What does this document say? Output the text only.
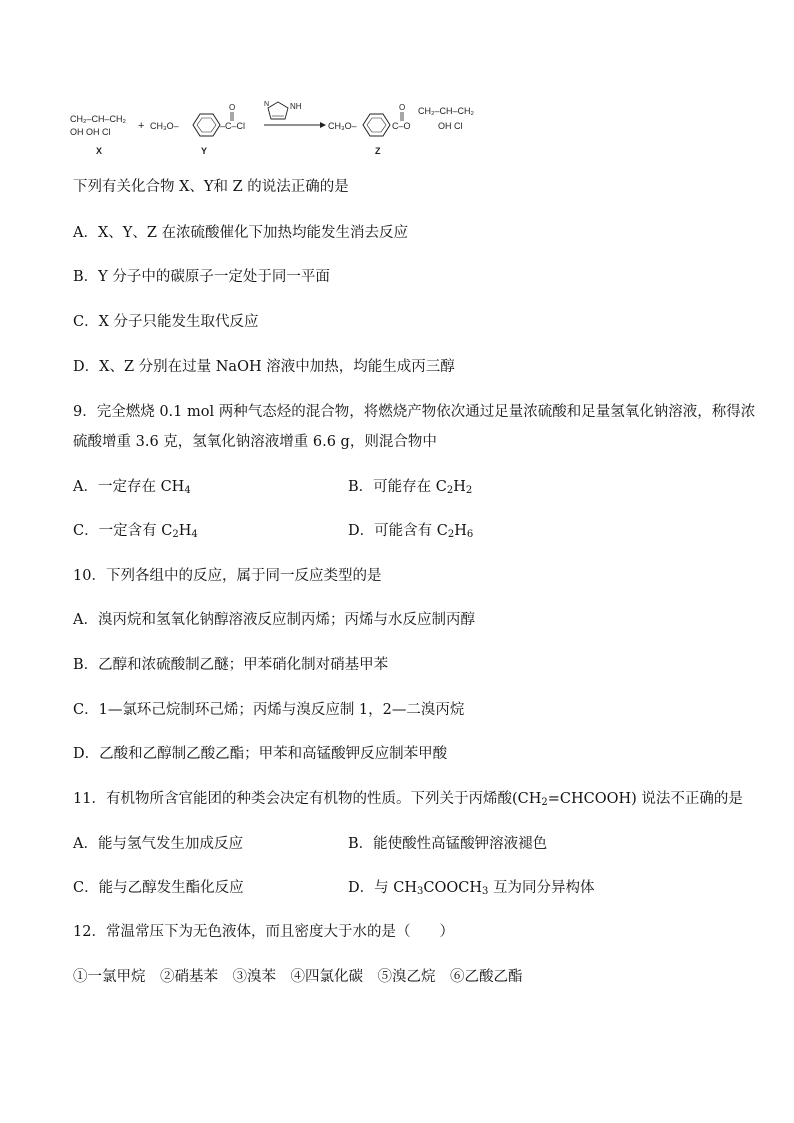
CH₂–CH–CH₂
OH OH Cl
X
+ CH₃O–
O
–C–Cl
Y
NH
N
CH₃O–
O
C–O
CH₂–CH–CH₂
OH Cl
Z
下列有关化合物 X、Y和 Z 的说法正确的是
A．X、Y、Z 在浓硫酸催化下加热均能发生消去反应
B．Y 分子中的碳原子一定处于同一平面
C．X 分子只能发生取代反应
D．X、Z 分别在过量 NaOH 溶液中加热，均能生成丙三醇
9．完全燃烧 0.1 mol 两种气态烃的混合物，将燃烧产物依次通过足量浓硫酸和足量氢氧化钠溶液，称得浓
硫酸增重 3.6 克，氢氧化钠溶液增重 6.6 g，则混合物中
A．一定存在 $CH_4$	B．可能存在 $C_2H_2$
C．一定含有 $C_2H_4$	D．可能含有 $C_2H_6$
10．下列各组中的反应，属于同一反应类型的是
A．溴丙烷和氢氧化钠醇溶液反应制丙烯；丙烯与水反应制丙醇
B．乙醇和浓硫酸制乙醚；甲苯硝化制对硝基甲苯
C．1—氯环己烷制环己烯；丙烯与溴反应制 1，2—二溴丙烷
D．乙酸和乙醇制乙酸乙酯；甲苯和高锰酸钾反应制苯甲酸
11．有机物所含官能团的种类会决定有机物的性质。下列关于丙烯酸$(CH_2=CHCOOH)$ 说法不正确的是
A．能与氢气发生加成反应	B．能使酸性高锰酸钾溶液褪色
C．能与乙醇发生酯化反应	D．与 $CH_3COOCH_3$ 互为同分异构体
12．常温常压下为无色液体，而且密度大于水的是（　　）
①一氯甲烷　②硝基苯　③溴苯　④四氯化碳　⑤溴乙烷　⑥乙酸乙酯
